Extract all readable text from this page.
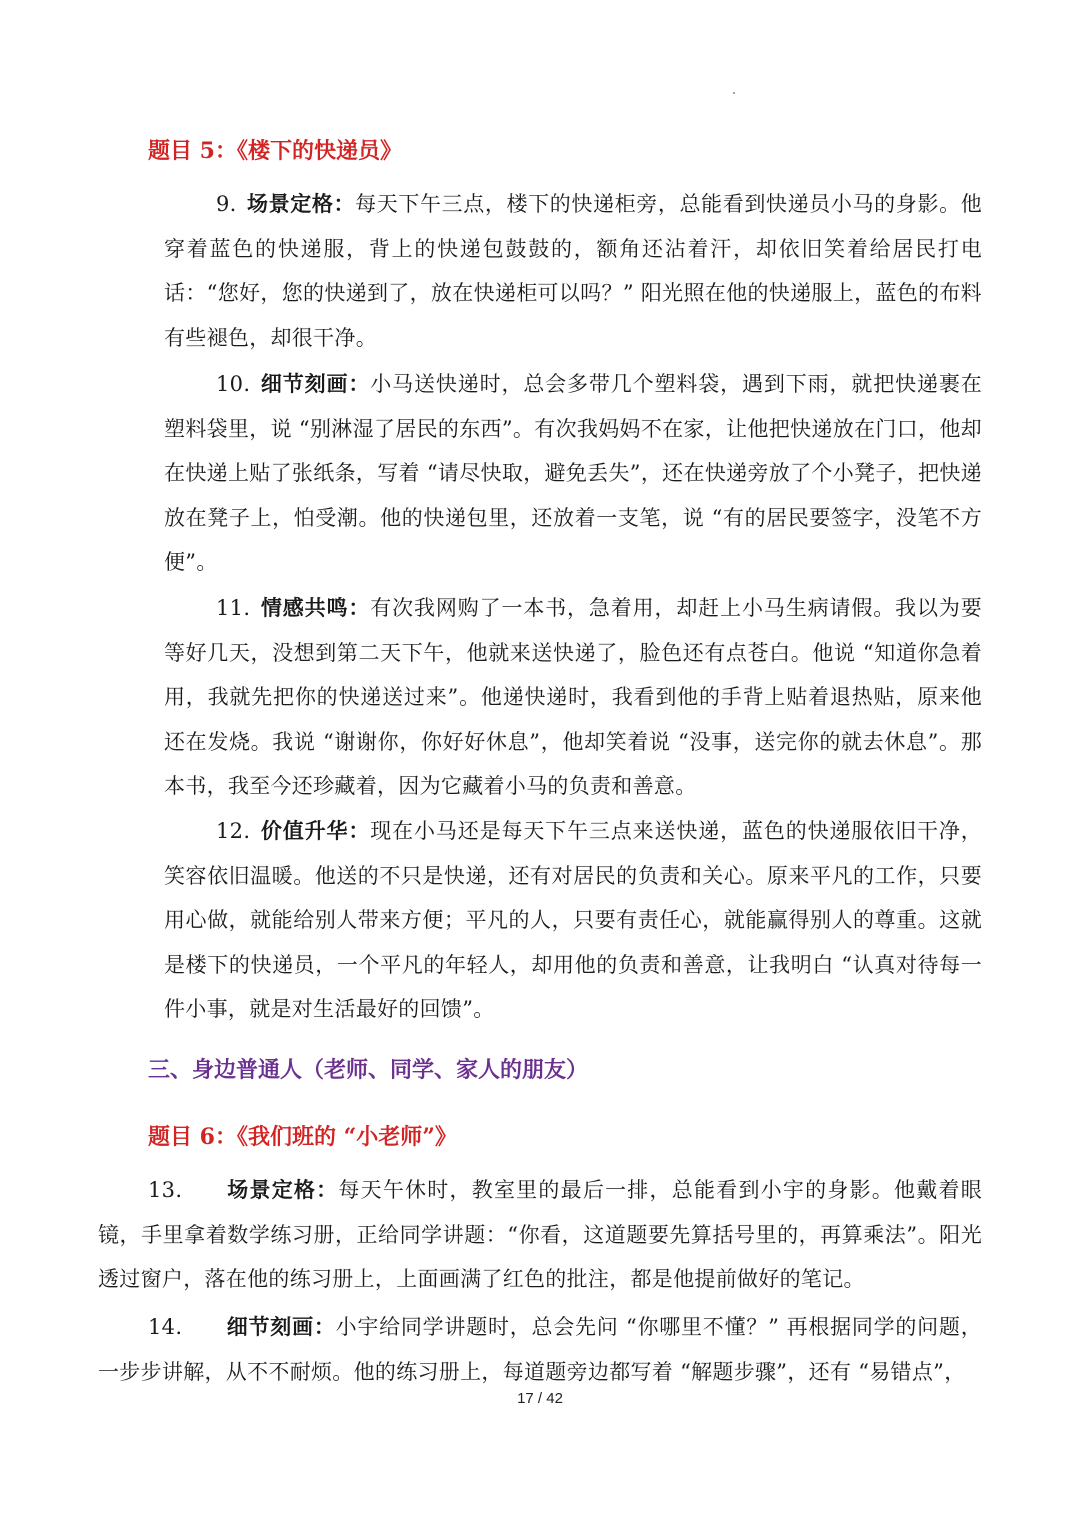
题目 5：《楼下的快递员》
9. 场景定格：每天下午三点，楼下的快递柜旁，总能看到快递员小马的身影。他穿着蓝色的快递服，背上的快递包鼓鼓的，额角还沾着汗，却依旧笑着给居民打电话：“您好，您的快递到了，放在快递柜可以吗？” 阳光照在他的快递服上，蓝色的布料有些褪色，却很干净。
10. 细节刻画：小马送快递时，总会多带几个塑料袋，遇到下雨，就把快递裹在塑料袋里，说 “别淋湿了居民的东西”。有次我妈妈不在家，让他把快递放在门口，他却在快递上贴了张纸条，写着 “请尽快取，避免丢失”，还在快递旁放了个小凳子，把快递放在凳子上，怕受潮。他的快递包里，还放着一支笔，说 “有的居民要签字，没笔不方便”。
11. 情感共鸣：有次我网购了一本书，急着用，却赶上小马生病请假。我以为要等好几天，没想到第二天下午，他就来送快递了，脸色还有点苍白。他说 “知道你急着用，我就先把你的快递送过来”。他递快递时，我看到他的手背上贴着退热贴，原来他还在发烧。我说 “谢谢你，你好好休息”，他却笑着说 “没事，送完你的就去休息”。那本书，我至今还珍藏着，因为它藏着小马的负责和善意。
12. 价值升华：现在小马还是每天下午三点来送快递，蓝色的快递服依旧干净，笑容依旧温暖。他送的不只是快递，还有对居民的负责和关心。原来平凡的工作，只要用心做，就能给别人带来方便；平凡的人，只要有责任心，就能赢得别人的尊重。这就是楼下的快递员，一个平凡的年轻人，却用他的负责和善意，让我明白 “认真对待每一件小事，就是对生活最好的回馈”。
三、身边普通人（老师、同学、家人的朋友）
题目 6：《我们班的 “小老师”》
13. 场景定格：每天午休时，教室里的最后一排，总能看到小宇的身影。他戴着眼镜，手里拿着数学练习册，正给同学讲题：“你看，这道题要先算括号里的，再算乘法”。阳光透过窗户，落在他的练习册上，上面画满了红色的批注，都是他提前做好的笔记。
14. 细节刻画：小宇给同学讲题时，总会先问 “你哪里不懂？” 再根据同学的问题，一步步讲解，从不不耐烦。他的练习册上，每道题旁边都写着 “解题步骤”，还有 “易错点”，
17 / 42
